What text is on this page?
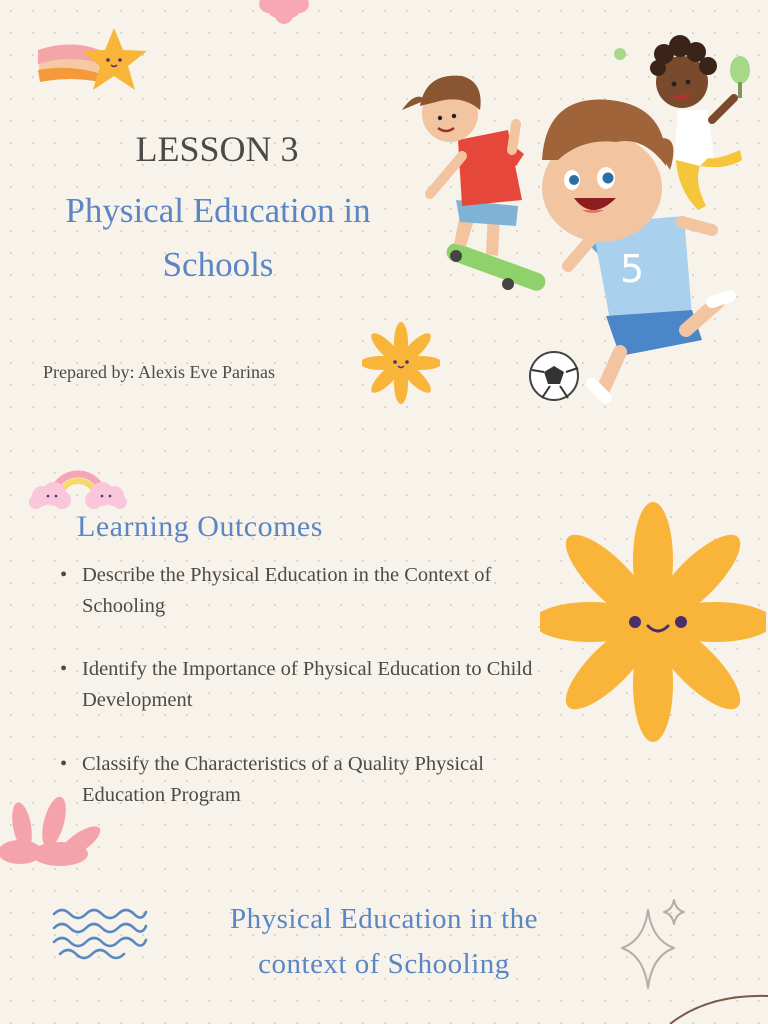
LESSON 3
Physical Education in
Schools
Prepared by: Alexis Eve Parinas
5
Learning Outcomes
• Describe the Physical Education in the Context of
Schooling
• Identify the Importance of Physical Education to Child
Development
• Classify the Characteristics of a Quality Physical
Education Program
Physical Education in the
context of Schooling
